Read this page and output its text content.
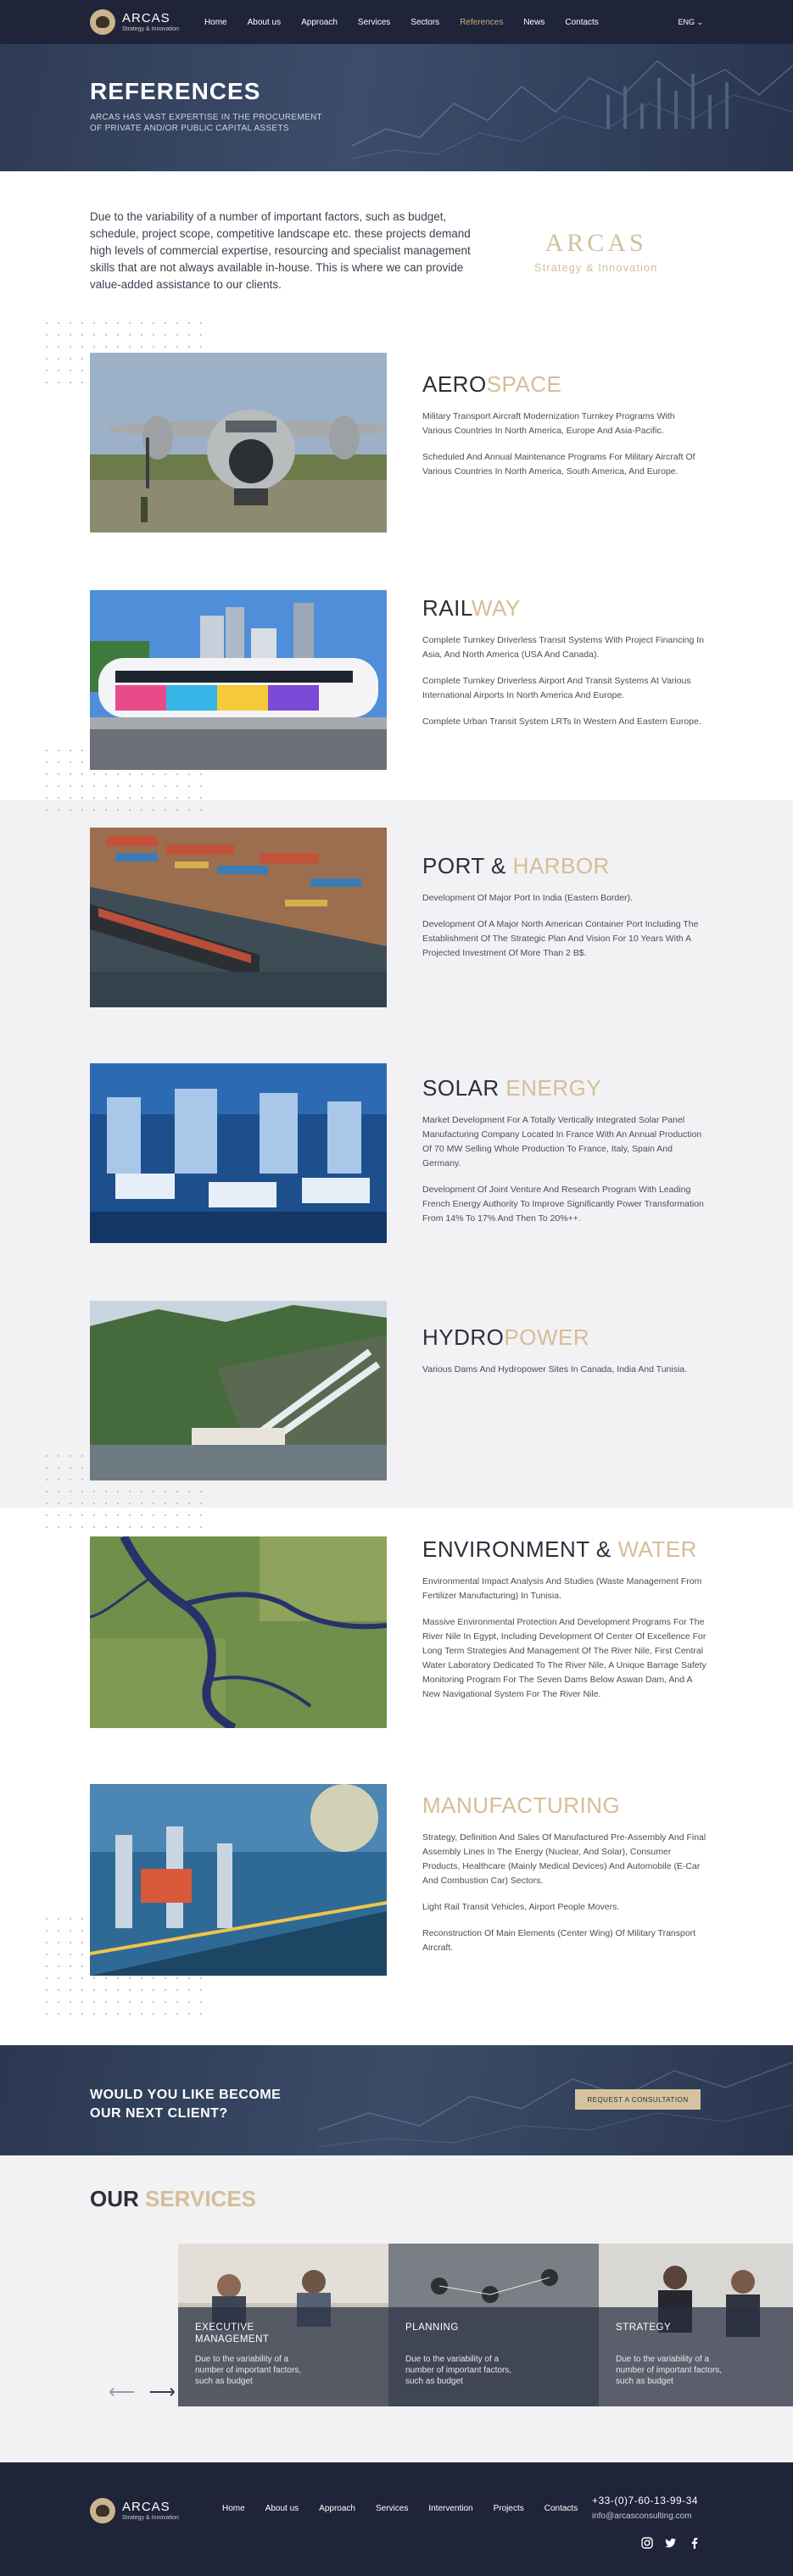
ARCAS
Strategy & Innovation
Home About us Approach Services Sectors References News Contacts	ENG ⌄
REFERENCES

ARCAS HAS VAST EXPERTISE IN THE PROCUREMENT OF PRIVATE AND/OR PUBLIC CAPITAL ASSETS

Due to the variability of a number of important factors, such as budget, schedule, project scope, competitive landscape etc. these projects demand high levels of commercial expertise, resourcing and specialist management skills that are not always available in-house. This is where we can provide value-added assistance to our clients.

ARCAS
Strategy & Innovation
AEROSPACE

Military Transport Aircraft Modernization Turnkey Programs With Various Countries In North America, Europe And Asia-Pacific.

Scheduled And Annual Maintenance Programs For Military Aircraft Of Various Countries In North America, South America, And Europe.

RAILWAY

Complete Turnkey Driverless Transit Systems With Project Financing In Asia, And North America (USA And Canada).

Complete Turnkey Driverless Airport And Transit Systems At Various International Airports In North America And Europe.

Complete Urban Transit System LRTs In Western And Eastern Europe.

PORT & HARBOR

Development Of Major Port In India (Eastern Border).

Development Of A Major North American Container Port Including The Establishment Of The Strategic Plan And Vision For 10 Years With A Projected Investment Of More Than 2 B$.

SOLAR ENERGY

Market Development For A Totally Vertically Integrated Solar Panel Manufacturing Company Located In France With An Annual Production Of 70 MW Selling Whole Production To France, Italy, Spain And Germany.

Development Of Joint Venture And Research Program With Leading French Energy Authority To Improve Significantly Power Transformation From 14% To 17% And Then To 20%++.

HYDROPOWER

Various Dams And Hydropower Sites In Canada, India And Tunisia.

ENVIRONMENT & WATER

Environmental Impact Analysis And Studies (Waste Management From Fertilizer Manufacturing) In Tunisia.

Massive Environmental Protection And Development Programs For The River Nile In Egypt, Including Development Of Center Of Excellence For Long Term Strategies And Management Of The River Nile, First Central Water Laboratory Dedicated To The River Nile, A Unique Barrage Safety Monitoring Program For The Seven Dams Below Aswan Dam, And A New Navigational System For The River Nile.

MANUFACTURING

Strategy, Definition And Sales Of Manufactured Pre-Assembly And Final Assembly Lines In The Energy (Nuclear, And Solar), Consumer Products, Healthcare (Mainly Medical Devices) And Automobile (E-Car And Combustion Car) Sectors.

Light Rail Transit Vehicles, Airport People Movers.

Reconstruction Of Main Elements (Center Wing) Of Military Transport Aircraft.

WOULD YOU LIKE BECOME
OUR NEXT CLIENT?
REQUEST A CONSULTATION
OUR SERVICES
EXECUTIVE
MANAGEMENT
Due to the variability of a number of important factors, such as budget
PLANNING
Due to the variability of a number of important factors, such as budget
STRATEGY
Due to the variability of a number of important factors, such as budget
⟵ ⟶
ARCAS
Strategy & Innovation
Home About us Approach Services Intervention Projects Contacts
+33-(0)7-60-13-99-34
info@arcasconsulting.com
